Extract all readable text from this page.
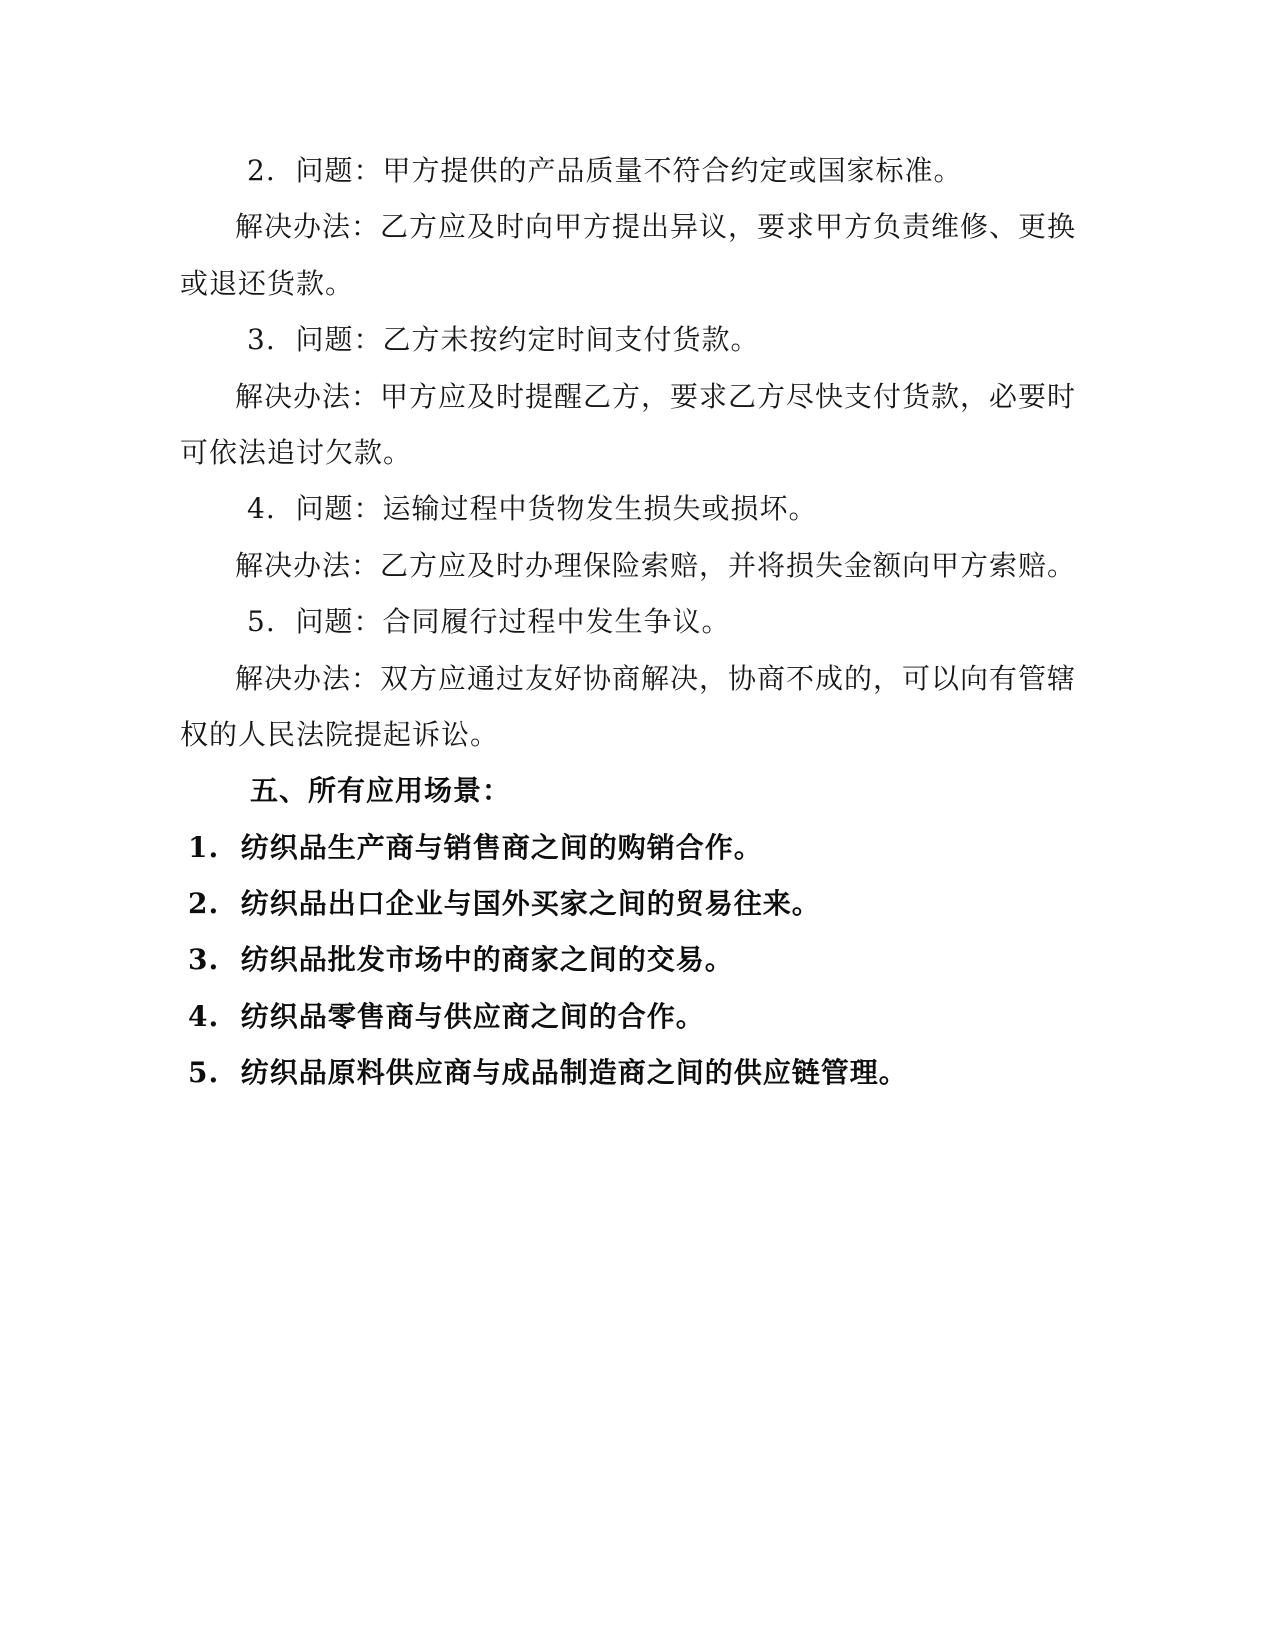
2.  问题：甲方提供的产品质量不符合约定或国家标准。
解决办法：乙方应及时向甲方提出异议，要求甲方负责维修、更换
或退还货款。
3.  问题：乙方未按约定时间支付货款。
解决办法：甲方应及时提醒乙方，要求乙方尽快支付货款，必要时
可依法追讨欠款。
4.  问题：运输过程中货物发生损失或损坏。
解决办法：乙方应及时办理保险索赔，并将损失金额向甲方索赔。
5.  问题：合同履行过程中发生争议。
解决办法：双方应通过友好协商解决，协商不成的，可以向有管辖
权的人民法院提起诉讼。
五、所有应用场景：
1.  纺织品生产商与销售商之间的购销合作。
2.  纺织品出口企业与国外买家之间的贸易往来。
3.  纺织品批发市场中的商家之间的交易。
4.  纺织品零售商与供应商之间的合作。
5.  纺织品原料供应商与成品制造商之间的供应链管理。
